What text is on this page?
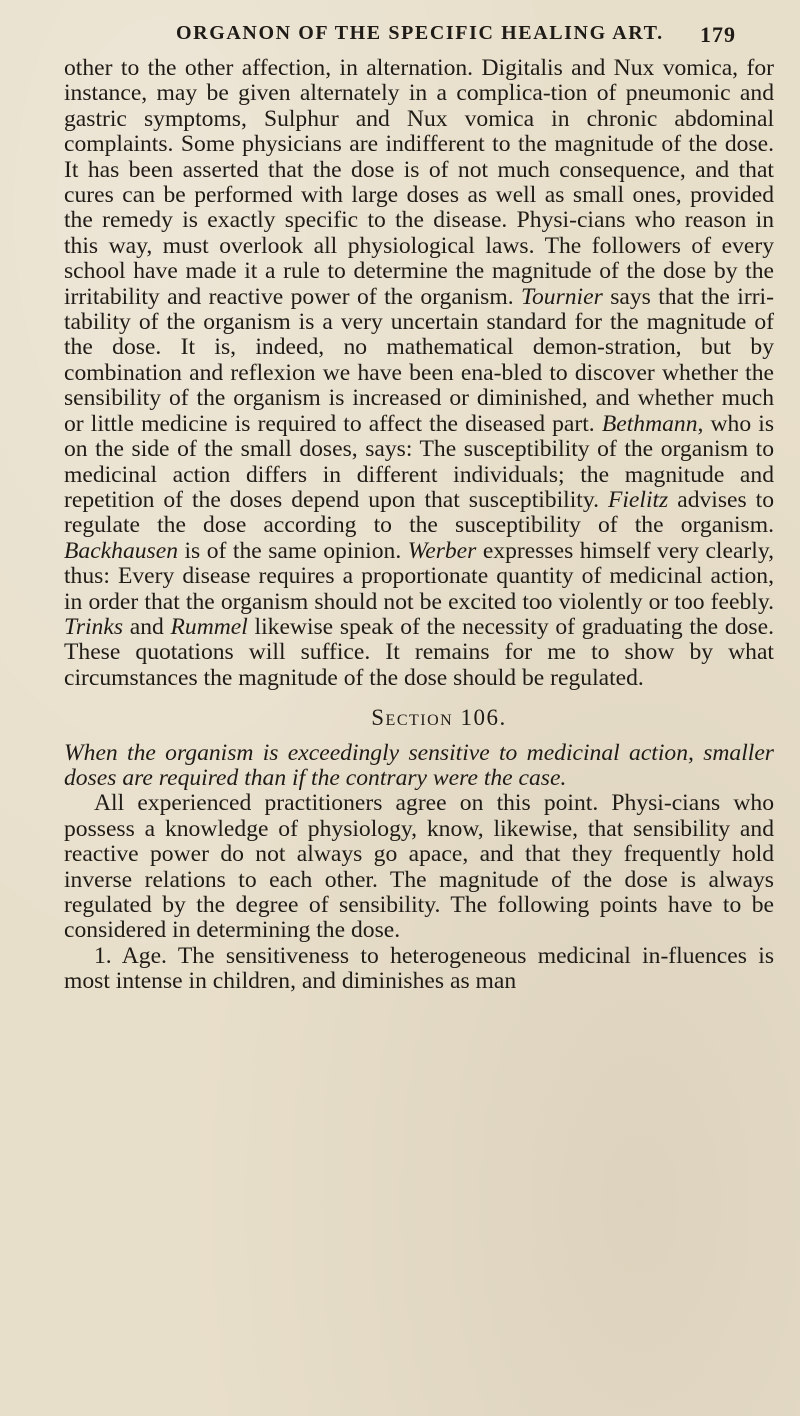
ORGANON OF THE SPECIFIC HEALING ART. 179

other to the other affection, in alternation. Digitalis and Nux vomica, for instance, may be given alternately in a complica-tion of pneumonic and gastric symptoms, Sulphur and Nux vomica in chronic abdominal complaints. Some physicians are indifferent to the magnitude of the dose. It has been asserted that the dose is of not much consequence, and that cures can be performed with large doses as well as small ones, provided the remedy is exactly specific to the disease. Physi-cians who reason in this way, must overlook all physiological laws. The followers of every school have made it a rule to determine the magnitude of the dose by the irritability and reactive power of the organism. Tournier says that the irri-tability of the organism is a very uncertain standard for the magnitude of the dose. It is, indeed, no mathematical demon-stration, but by combination and reflexion we have been ena-bled to discover whether the sensibility of the organism is increased or diminished, and whether much or little medicine is required to affect the diseased part. Bethmann, who is on the side of the small doses, says: The susceptibility of the organism to medicinal action differs in different individuals; the magnitude and repetition of the doses depend upon that susceptibility. Fielitz advises to regulate the dose according to the susceptibility of the organism. Backhausen is of the same opinion. Werber expresses himself very clearly, thus: Every disease requires a proportionate quantity of medicinal action, in order that the organism should not be excited too violently or too feebly. Trinks and Rummel likewise speak of the necessity of graduating the dose. These quotations will suffice. It remains for me to show by what circumstances the magnitude of the dose should be regulated.

Section 106.

When the organism is exceedingly sensitive to medicinal action, smaller doses are required than if the contrary were the case.

All experienced practitioners agree on this point. Physi-cians who possess a knowledge of physiology, know, likewise, that sensibility and reactive power do not always go apace, and that they frequently hold inverse relations to each other. The magnitude of the dose is always regulated by the degree of sensibility. The following points have to be considered in determining the dose.

1. Age. The sensitiveness to heterogeneous medicinal in-fluences is most intense in children, and diminishes as man
